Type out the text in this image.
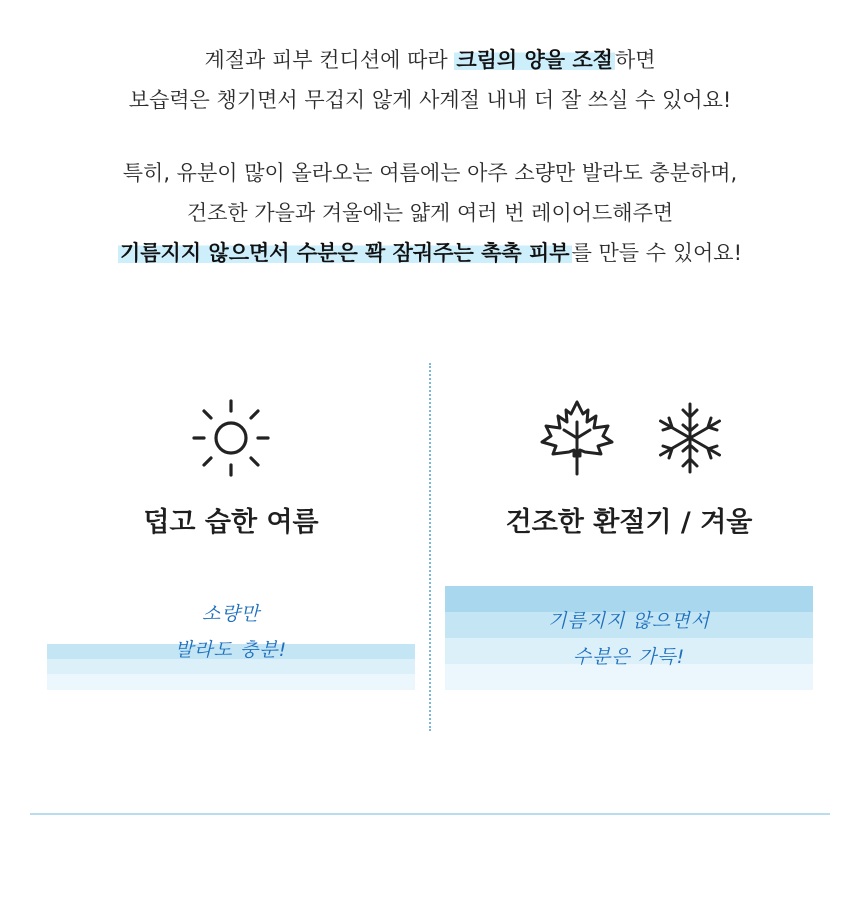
계절과 피부 컨디션에 따라 크림의 양을 조절하면

보습력은 챙기면서 무겁지 않게 사계절 내내 더 잘 쓰실 수 있어요!

특히, 유분이 많이 올라오는 여름에는 아주 소량만 발라도 충분하며,

건조한 가을과 겨울에는 얇게 여러 번 레이어드해주면

기름지지 않으면서 수분은 꽉 잠궈주는 촉촉 피부를 만들 수 있어요!

덥고 습한 여름
소량만
발라도 충분!
건조한 환절기 / 겨울
기름지지 않으면서
수분은 가득!
